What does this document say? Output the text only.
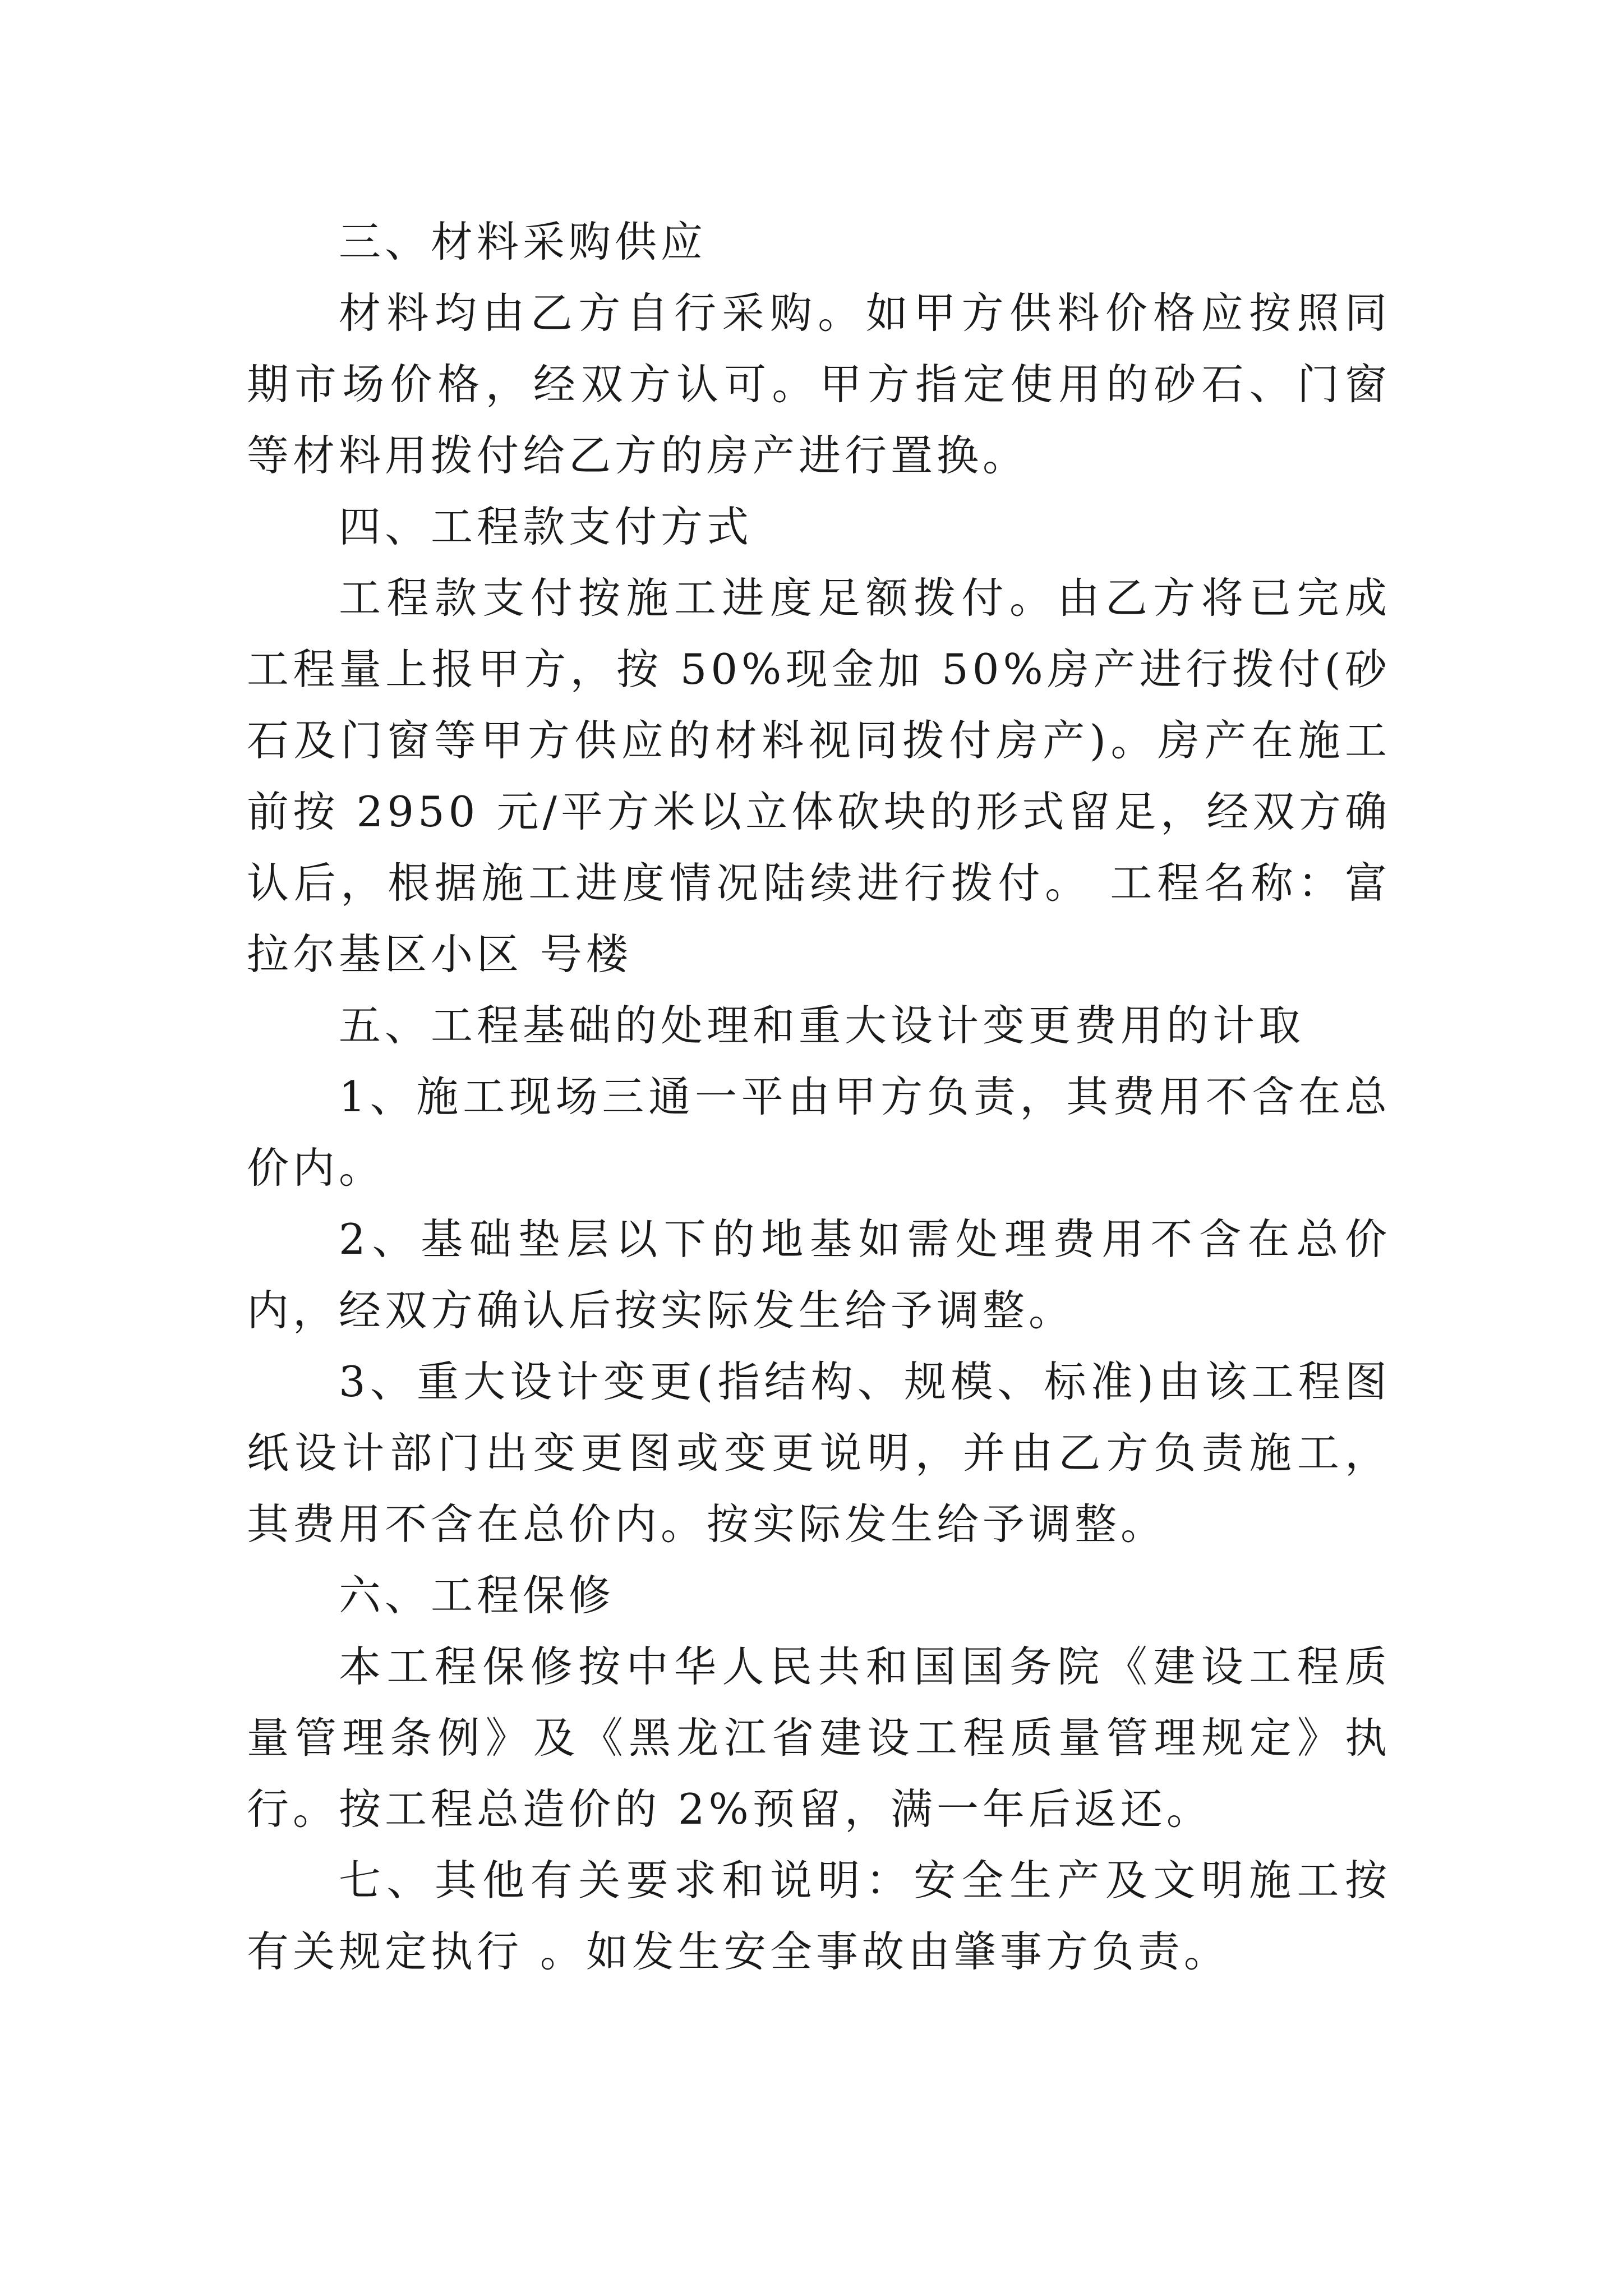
三、材料采购供应

材料均由乙方自行采购。如甲方供料价格应按照同期市场价格，经双方认可。甲方指定使用的砂石、门窗等材料用拨付给乙方的房产进行置换。

四、工程款支付方式

工程款支付按施工进度足额拨付。由乙方将已完成工程量上报甲方，按 50%现金加 50%房产进行拨付(砂石及门窗等甲方供应的材料视同拨付房产)。房产在施工前按 2950 元/平方米以立体砍块的形式留足，经双方确认后，根据施工进度情况陆续进行拨付。 工程名称：富拉尔基区小区 号楼

五、工程基础的处理和重大设计变更费用的计取

1、施工现场三通一平由甲方负责，其费用不含在总价内。

2、基础垫层以下的地基如需处理费用不含在总价内，经双方确认后按实际发生给予调整。

3、重大设计变更(指结构、规模、标准)由该工程图纸设计部门出变更图或变更说明，并由乙方负责施工，其费用不含在总价内。按实际发生给予调整。

六、工程保修

本工程保修按中华人民共和国国务院《建设工程质量管理条例》及《黑龙江省建设工程质量管理规定》执行。按工程总造价的 2%预留，满一年后返还。

七、其他有关要求和说明：安全生产及文明施工按有关规定执行 。如发生安全事故由肇事方负责。
